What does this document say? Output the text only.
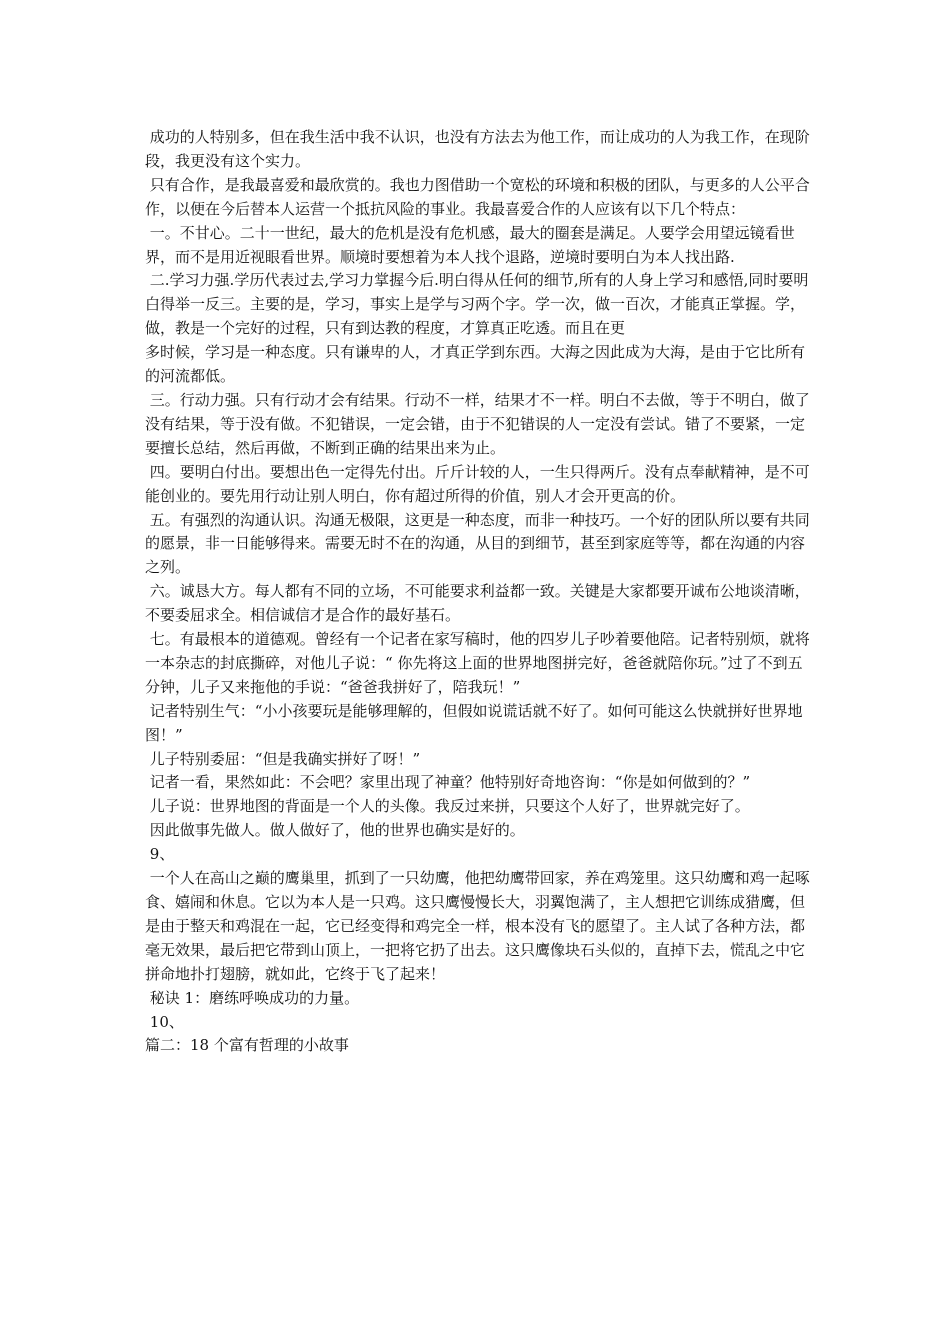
成功的人特别多，但在我生活中我不认识，也没有方法去为他工作，而让成功的人为我工作，在现阶段，我更没有这个实力。

只有合作，是我最喜爱和最欣赏的。我也力图借助一个宽松的环境和积极的团队，与更多的人公平合作，以便在今后替本人运营一个抵抗风险的事业。我最喜爱合作的人应该有以下几个特点：

一。不甘心。二十一世纪，最大的危机是没有危机感，最大的圈套是满足。人要学会用望远镜看世界，而不是用近视眼看世界。顺境时要想着为本人找个退路，逆境时要明白为本人找出路.

二.学习力强.学历代表过去,学习力掌握今后.明白得从任何的细节,所有的人身上学习和感悟,同时要明白得举一反三。主要的是，学习，事实上是学与习两个字。学一次，做一百次，才能真正掌握。学，做，教是一个完好的过程，只有到达教的程度，才算真正吃透。而且在更

多时候，学习是一种态度。只有谦卑的人，才真正学到东西。大海之因此成为大海，是由于它比所有的河流都低。

三。行动力强。只有行动才会有结果。行动不一样，结果才不一样。明白不去做，等于不明白，做了没有结果，等于没有做。不犯错误，一定会错，由于不犯错误的人一定没有尝试。错了不要紧，一定要擅长总结，然后再做，不断到正确的结果出来为止。

四。要明白付出。要想出色一定得先付出。斤斤计较的人，一生只得两斤。没有点奉献精神，是不可能创业的。要先用行动让别人明白，你有超过所得的价值，别人才会开更高的价。

五。有强烈的沟通认识。沟通无极限，这更是一种态度，而非一种技巧。一个好的团队所以要有共同的愿景，非一日能够得来。需要无时不在的沟通，从目的到细节，甚至到家庭等等，都在沟通的内容之列。

六。诚恳大方。每人都有不同的立场，不可能要求利益都一致。关键是大家都要开诚布公地谈清晰，不要委屈求全。相信诚信才是合作的最好基石。

七。有最根本的道德观。曾经有一个记者在家写稿时，他的四岁儿子吵着要他陪。记者特别烦，就将一本杂志的封底撕碎，对他儿子说：“ 你先将这上面的世界地图拼完好，爸爸就陪你玩。”过了不到五分钟，儿子又来拖他的手说：“爸爸我拼好了，陪我玩！”

记者特别生气：“小小孩要玩是能够理解的，但假如说谎话就不好了。如何可能这么快就拼好世界地图！”

儿子特别委屈：“但是我确实拼好了呀！”

记者一看，果然如此：不会吧？家里出现了神童？他特别好奇地咨询：“你是如何做到的？”

儿子说：世界地图的背面是一个人的头像。我反过来拼，只要这个人好了，世界就完好了。

因此做事先做人。做人做好了，他的世界也确实是好的。

9、

一个人在高山之巅的鹰巢里，抓到了一只幼鹰，他把幼鹰带回家，养在鸡笼里。这只幼鹰和鸡一起啄食、嬉闹和休息。它以为本人是一只鸡。这只鹰慢慢长大，羽翼饱满了，主人想把它训练成猎鹰，但是由于整天和鸡混在一起，它已经变得和鸡完全一样，根本没有飞的愿望了。主人试了各种方法，都毫无效果，最后把它带到山顶上，一把将它扔了出去。这只鹰像块石头似的，直掉下去，慌乱之中它拼命地扑打翅膀，就如此，它终于飞了起来！

秘诀 1：磨练呼唤成功的力量。

10、

篇二：18 个富有哲理的小故事
